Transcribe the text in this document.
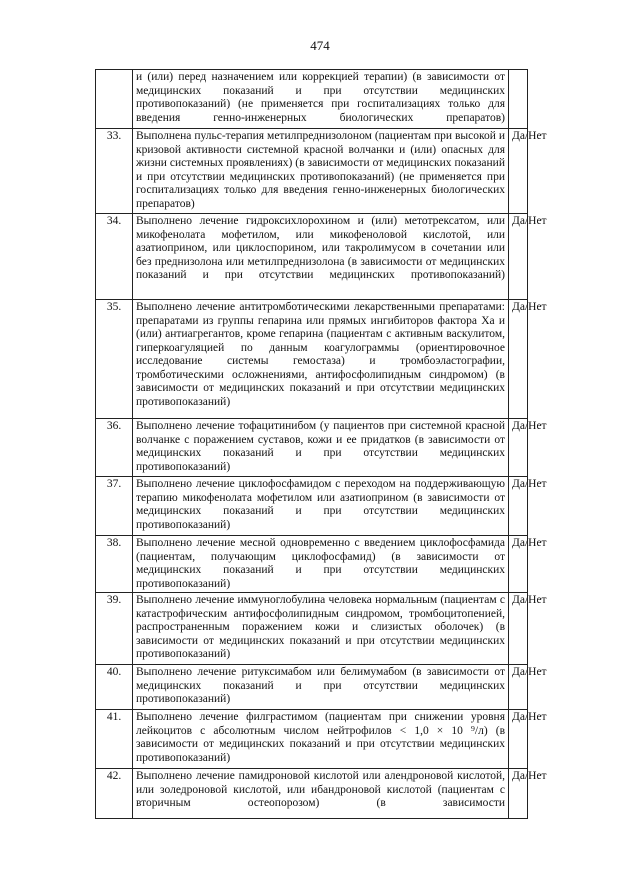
474
	и (или) перед назначением или коррекцией терапии) (в зависимости от медицинских показаний и при отсутствии медицинских противопоказаний) (не применяется при госпитализациях только для введения генно-инженерных биологических препаратов)	
33.	Выполнена пульс-терапия метилпреднизолоном (пациентам при высокой и кризовой активности системной красной волчанки и (или) опасных для жизни системных проявлениях) (в зависимости от медицинских показаний и при отсутствии медицинских противопоказаний) (не применяется при госпитализациях только для введения генно-инженерных биологических препаратов)	Да/Нет
34.	Выполнено лечение гидроксихлорохином и (или) метотрексатом, или микофенолата мофетилом, или микофеноловой кислотой, или азатиоприном, или циклоспорином, или такролимусом в сочетании или без преднизолона или метилпреднизолона (в зависимости от медицинских показаний и при отсутствии медицинских противопоказаний)	Да/Нет
35.	Выполнено лечение антитромботическими лекарственными препаратами: препаратами из группы гепарина или прямых ингибиторов фактора Ха и (или) антиагрегантов, кроме гепарина (пациентам с активным васкулитом, гиперкоагуляцией по данным коагулограммы (ориентировочное исследование системы гемостаза) и тромбоэластографии, тромботическими осложнениями, антифосфолипидным синдромом) (в зависимости от медицинских показаний и при отсутствии медицинских противопоказаний)	Да/Нет
36.	Выполнено лечение тофацитинибом (у пациентов при системной красной волчанке с поражением суставов, кожи и ее придатков (в зависимости от медицинских показаний и при отсутствии медицинских противопоказаний)	Да/Нет
37.	Выполнено лечение циклофосфамидом с переходом на поддерживающую терапию микофенолата мофетилом или азатиоприном (в зависимости от медицинских показаний и при отсутствии медицинских противопоказаний)	Да/Нет
38.	Выполнено лечение месной одновременно с введением циклофосфамида (пациентам, получающим циклофосфамид) (в зависимости от медицинских показаний и при отсутствии медицинских противопоказаний)	Да/Нет
39.	Выполнено лечение иммуноглобулина человека нормальным (пациентам с катастрофическим антифосфолипидным синдромом, тромбоцитопенией, распространенным поражением кожи и слизистых оболочек) (в зависимости от медицинских показаний и при отсутствии медицинских противопоказаний)	Да/Нет
40.	Выполнено лечение ритуксимабом или белимумабом (в зависимости от медицинских показаний и при отсутствии медицинских противопоказаний)	Да/Нет
41.	Выполнено лечение филграстимом (пациентам при снижении уровня лейкоцитов с абсолютным числом нейтрофилов < 1,0 × 10 ⁹/л) (в зависимости от медицинских показаний и при отсутствии медицинских противопоказаний)	Да/Нет
42.	Выполнено лечение памидроновой кислотой или алендроновой кислотой, или золедроновой кислотой, или ибандроновой кислотой (пациентам с вторичным остеопорозом) (в зависимости	Да/Нет
